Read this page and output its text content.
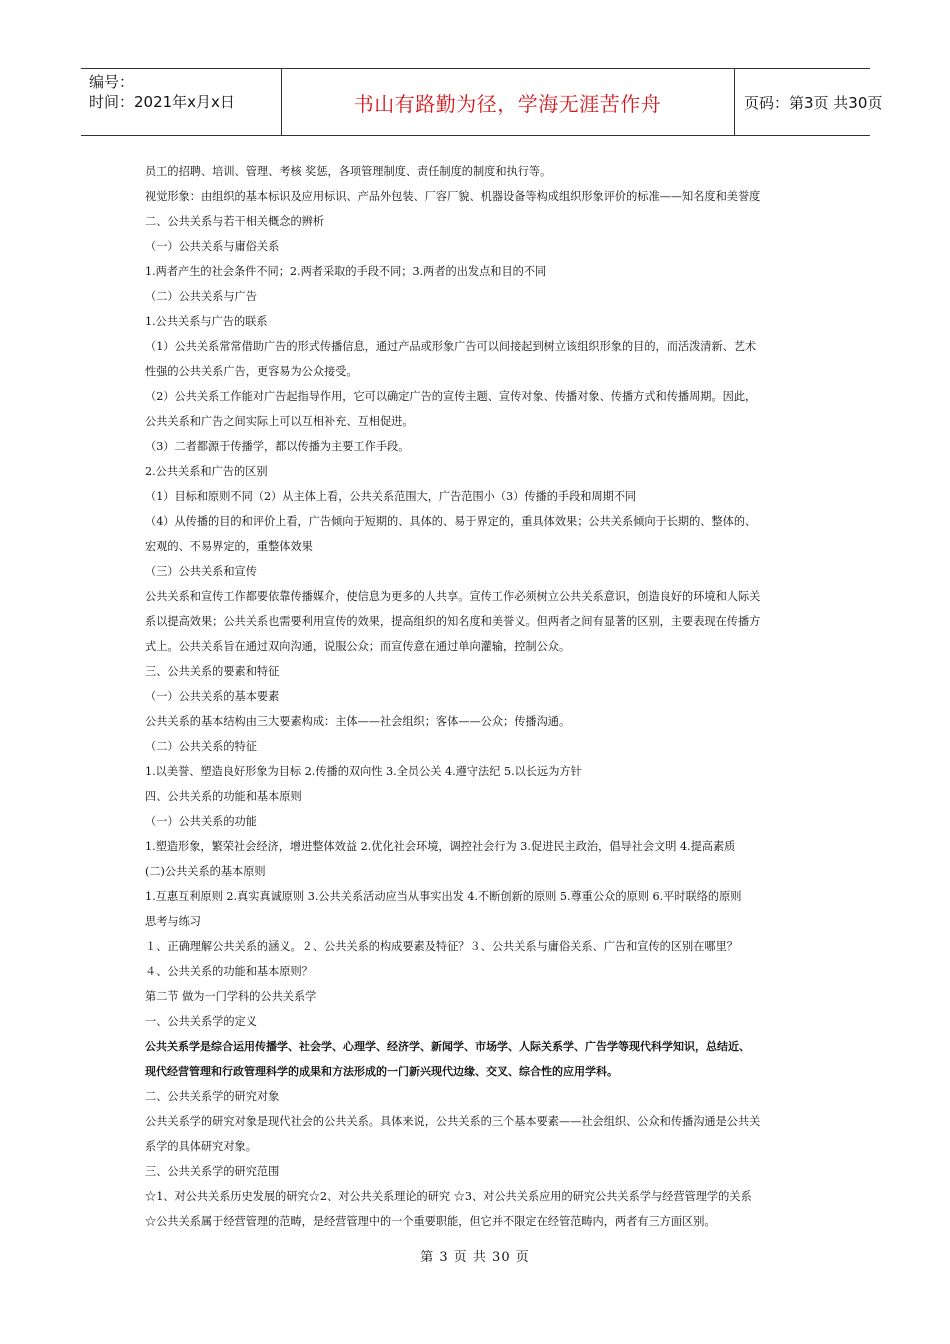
编号：
时间：2021年x月x日	书山有路勤为径，学海无涯苦作舟	页码：第3页 共30页

员工的招聘、培训、管理、考核 奖惩，各项管理制度、责任制度的制度和执行等。

视觉形象：由组织的基本标识及应用标识、产品外包装、厂容厂貌、机器设备等构成组织形象评价的标准——知名度和美誉度

二、公共关系与若干相关概念的辨析

（一）公共关系与庸俗关系

1.两者产生的社会条件不同；2.两者采取的手段不同；3.两者的出发点和目的不同

（二）公共关系与广告

1.公共关系与广告的联系

（1）公共关系常常借助广告的形式传播信息，通过产品或形象广告可以间接起到树立该组织形象的目的，而活泼清新、艺术

性强的公共关系广告，更容易为公众接受。

（2）公共关系工作能对广告起指导作用，它可以确定广告的宣传主题、宣传对象、传播对象、传播方式和传播周期。因此，

公共关系和广告之间实际上可以互相补充、互相促进。

（3）二者都源于传播学，都以传播为主要工作手段。

2.公共关系和广告的区别

（1）目标和原则不同（2）从主体上看，公共关系范围大，广告范围小（3）传播的手段和周期不同

（4）从传播的目的和评价上看，广告倾向于短期的、具体的、易于界定的，重具体效果；公共关系倾向于长期的、整体的、

宏观的、不易界定的，重整体效果

（三）公共关系和宣传

公共关系和宣传工作都要依靠传播媒介，使信息为更多的人共享。宣传工作必须树立公共关系意识，创造良好的环境和人际关

系以提高效果；公共关系也需要利用宣传的效果，提高组织的知名度和美誉义。但两者之间有显著的区别，主要表现在传播方

式上。公共关系旨在通过双向沟通，说服公众；而宣传意在通过单向灌输，控制公众。

三、公共关系的要素和特征

（一）公共关系的基本要素

公共关系的基本结构由三大要素构成：主体——社会组织；客体——公众；传播沟通。

（二）公共关系的特征

1.以美誉、塑造良好形象为目标 2.传播的双向性 3.全员公关 4.遵守法纪 5.以长远为方针

四、公共关系的功能和基本原则

（一）公共关系的功能

1.塑造形象，繁荣社会经济，增进整体效益 2.优化社会环境，调控社会行为 3.促进民主政治，倡导社会文明 4.提高素质

(二)公共关系的基本原则

1.互惠互利原则 2.真实真诚原则 3.公共关系活动应当从事实出发 4.不断创新的原则 5.尊重公众的原则 6.平时联络的原则

思考与练习

１、正确理解公共关系的涵义。２、公共关系的构成要素及特征？３、公共关系与庸俗关系、广告和宣传的区别在哪里？

４、公共关系的功能和基本原则？

第二节 做为一门学科的公共关系学

一、公共关系学的定义

公共关系学是综合运用传播学、社会学、心理学、经济学、新闻学、市场学、人际关系学、广告学等现代科学知识，总结近、

现代经营管理和行政管理科学的成果和方法形成的一门新兴现代边缘、交叉、综合性的应用学科。

二、公共关系学的研究对象

公共关系学的研究对象是现代社会的公共关系。具体来说，公共关系的三个基本要素——社会组织、公众和传播沟通是公共关

系学的具体研究对象。

三、公共关系学的研究范围

☆1、对公共关系历史发展的研究☆2、对公共关系理论的研究 ☆3、对公共关系应用的研究公共关系学与经营管理学的关系

☆公共关系属于经营管理的范畴，是经营管理中的一个重要职能，但它并不限定在经管范畴内，两者有三方面区别。

第 3 页 共 30 页
